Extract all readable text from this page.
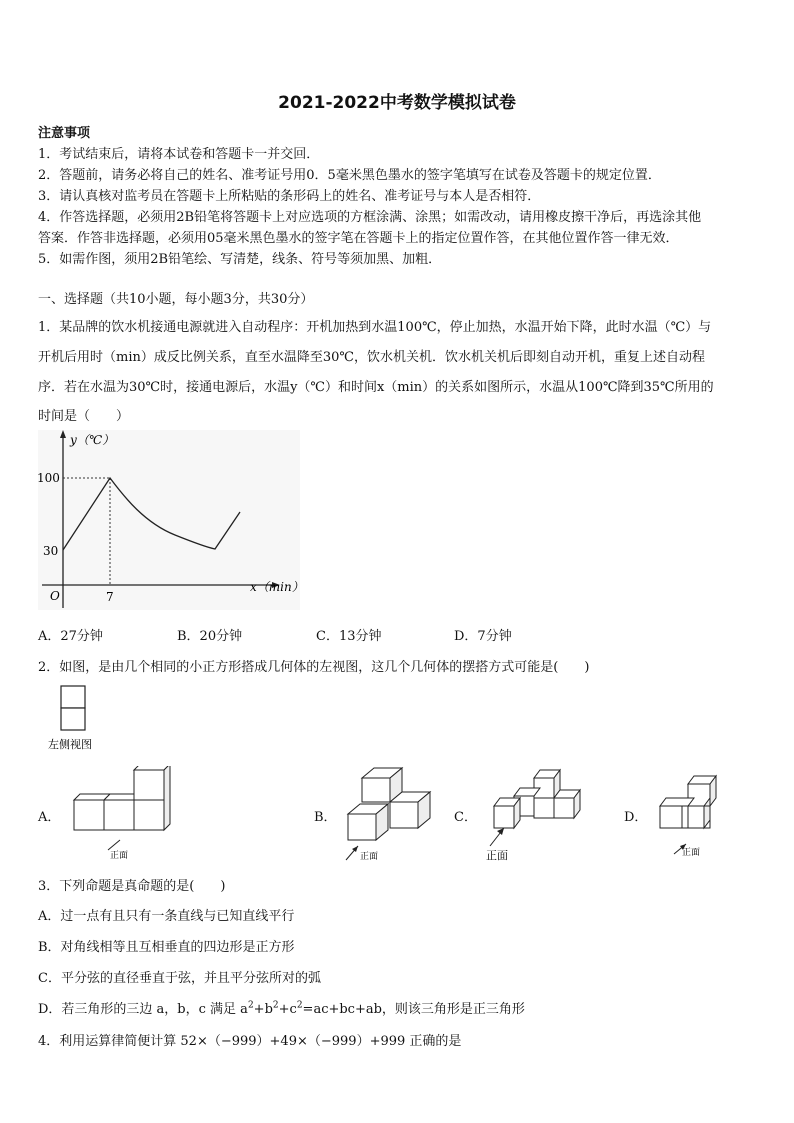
2021-2022中考数学模拟试卷
注意事项
1．考试结束后，请将本试卷和答题卡一并交回．
2．答题前，请务必将自己的姓名、准考证号用0．5毫米黑色墨水的签字笔填写在试卷及答题卡的规定位置．
3．请认真核对监考员在答题卡上所粘贴的条形码上的姓名、准考证号与本人是否相符．
4．作答选择题，必须用2B铅笔将答题卡上对应选项的方框涂满、涂黑；如需改动，请用橡皮擦干净后，再选涂其他
答案．作答非选择题，必须用05毫米黑色墨水的签字笔在答题卡上的指定位置作答，在其他位置作答一律无效．
5．如需作图，须用2B铅笔绘、写清楚，线条、符号等须加黑、加粗．
一、选择题（共10小题，每小题3分，共30分）
1．某品牌的饮水机接通电源就进入自动程序：开机加热到水温100℃，停止加热，水温开始下降，此时水温（℃）与
开机后用时（min）成反比例关系，直至水温降至30℃，饮水机关机．饮水机关机后即刻自动开机，重复上述自动程
序．若在水温为30℃时，接通电源后，水温y（℃）和时间x（min）的关系如图所示，水温从100℃降到35℃所用的
时间是（　　）
y（℃）
x（min）
100
30
O	7
A．27分钟	B．20分钟	C．13分钟	D．7分钟
2．如图，是由几个相同的小正方形搭成几何体的左视图，这几个几何体的摆搭方式可能是(　　)
左侧视图
A．
正面
B．
正面
C．
正面
D．
正面
3．下列命题是真命题的是(　　)
A．过一点有且只有一条直线与已知直线平行
B．对角线相等且互相垂直的四边形是正方形
C．平分弦的直径垂直于弦，并且平分弦所对的弧
D．若三角形的三边 a，b，c 满足 $a^2+b^2+c^2=ac+bc+ab$，则该三角形是正三角形
4．利用运算律简便计算 52×（−999）+49×（−999）+999 正确的是
